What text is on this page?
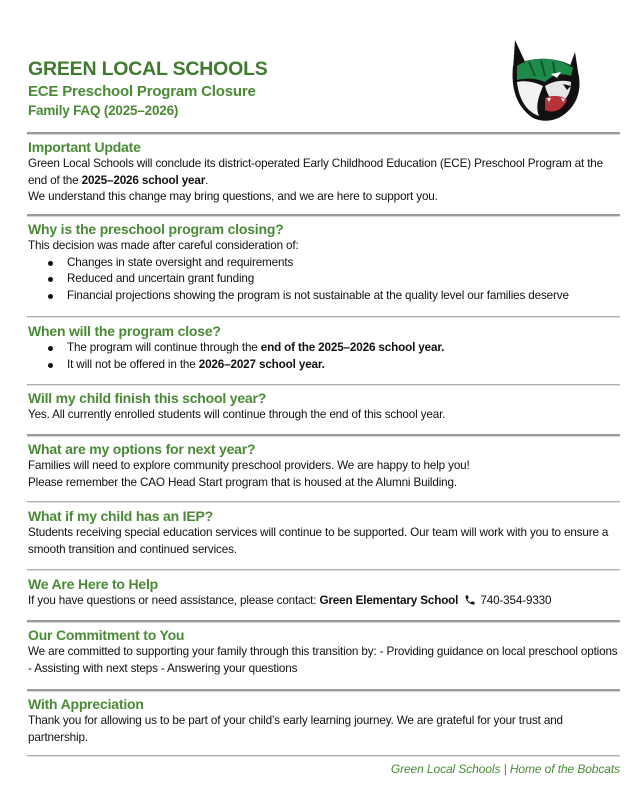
GREEN LOCAL SCHOOLS
ECE Preschool Program Closure
Family FAQ (2025–2026)
Important Update
Green Local Schools will conclude its district-operated Early Childhood Education (ECE) Preschool Program at the end of the 2025–2026 school year.
We understand this change may bring questions, and we are here to support you.
Why is the preschool program closing?
This decision was made after careful consideration of:
Changes in state oversight and requirements
Reduced and uncertain grant funding
Financial projections showing the program is not sustainable at the quality level our families deserve
When will the program close?
The program will continue through the end of the 2025–2026 school year.
It will not be offered in the 2026–2027 school year.
Will my child finish this school year?
Yes. All currently enrolled students will continue through the end of this school year.
What are my options for next year?
Families will need to explore community preschool providers. We are happy to help you!
Please remember the CAO Head Start program that is housed at the Alumni Building.
What if my child has an IEP?
Students receiving special education services will continue to be supported. Our team will work with you to ensure a smooth transition and continued services.
We Are Here to Help
If you have questions or need assistance, please contact: Green Elementary School 740-354-9330
Our Commitment to You
We are committed to supporting your family through this transition by: - Providing guidance on local preschool options - Assisting with next steps - Answering your questions
With Appreciation
Thank you for allowing us to be part of your child’s early learning journey. We are grateful for your trust and partnership.
Green Local Schools | Home of the Bobcats
